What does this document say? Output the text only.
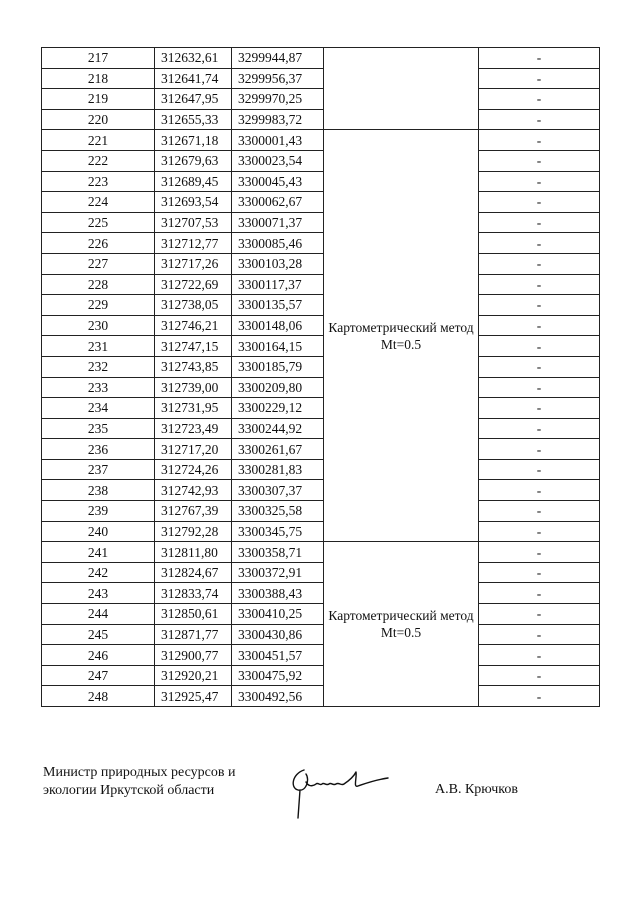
217	312632,61	3299944,87		-
218	312641,74	3299956,37		-
219	312647,95	3299970,25		-
220	312655,33	3299983,72		-
221	312671,18	3300001,43	Картометрический метод Mt=0.5	-
222	312679,63	3300023,54		-
223	312689,45	3300045,43		-
224	312693,54	3300062,67		-
225	312707,53	3300071,37		-
226	312712,77	3300085,46		-
227	312717,26	3300103,28		-
228	312722,69	3300117,37		-
229	312738,05	3300135,57		-
230	312746,21	3300148,06		-
231	312747,15	3300164,15		-
232	312743,85	3300185,79		-
233	312739,00	3300209,80		-
234	312731,95	3300229,12		-
235	312723,49	3300244,92		-
236	312717,20	3300261,67		-
237	312724,26	3300281,83		-
238	312742,93	3300307,37		-
239	312767,39	3300325,58		-
240	312792,28	3300345,75		-
241	312811,80	3300358,71	Картометрический метод Mt=0.5	-
242	312824,67	3300372,91		-
243	312833,74	3300388,43		-
244	312850,61	3300410,25		-
245	312871,77	3300430,86		-
246	312900,77	3300451,57		-
247	312920,21	3300475,92		-
248	312925,47	3300492,56		-
Министр природных ресурсов и
экологии Иркутской области	А.В. Крючков
